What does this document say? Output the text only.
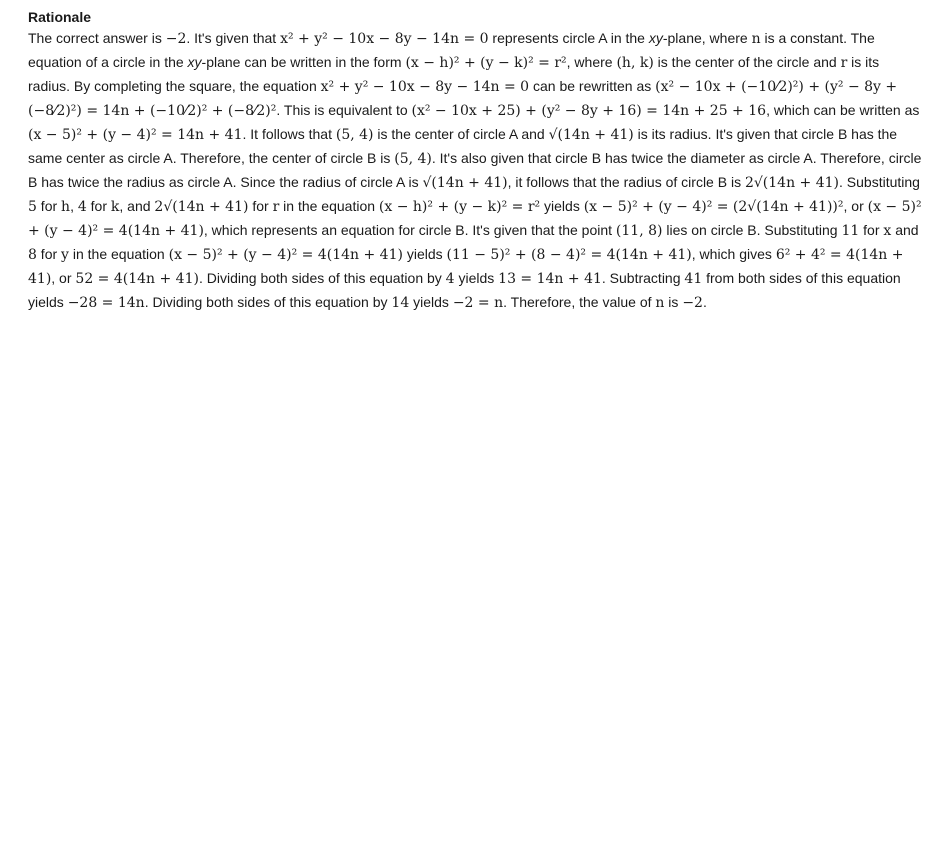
Rationale

The correct answer is −2. It's given that x² + y² − 10x − 8y − 14n = 0 represents circle A in the xy-plane, where n is a constant. The equation of a circle in the xy-plane can be written in the form (x − h)² + (y − k)² = r², where (h, k) is the center of the circle and r is its radius. By completing the square, the equation x² + y² − 10x − 8y − 14n = 0 can be rewritten as (x² − 10x + (−10⁄2)²) + (y² − 8y + (−8⁄2)²) = 14n + (−10⁄2)² + (−8⁄2)². This is equivalent to (x² − 10x + 25) + (y² − 8y + 16) = 14n + 25 + 16, which can be written as (x − 5)² + (y − 4)² = 14n + 41. It follows that (5, 4) is the center of circle A and √(14n + 41) is its radius. It's given that circle B has the same center as circle A. Therefore, the center of circle B is (5, 4). It's also given that circle B has twice the diameter as circle A. Therefore, circle B has twice the radius as circle A. Since the radius of circle A is √(14n + 41), it follows that the radius of circle B is 2√(14n + 41). Substituting 5 for h, 4 for k, and 2√(14n + 41) for r in the equation (x − h)² + (y − k)² = r² yields (x − 5)² + (y − 4)² = (2√(14n + 41))², or (x − 5)² + (y − 4)² = 4(14n + 41), which represents an equation for circle B. It's given that the point (11, 8) lies on circle B. Substituting 11 for x and 8 for y in the equation (x − 5)² + (y − 4)² = 4(14n + 41) yields (11 − 5)² + (8 − 4)² = 4(14n + 41), which gives 6² + 4² = 4(14n + 41), or 52 = 4(14n + 41). Dividing both sides of this equation by 4 yields 13 = 14n + 41. Subtracting 41 from both sides of this equation yields −28 = 14n. Dividing both sides of this equation by 14 yields −2 = n. Therefore, the value of n is −2.
